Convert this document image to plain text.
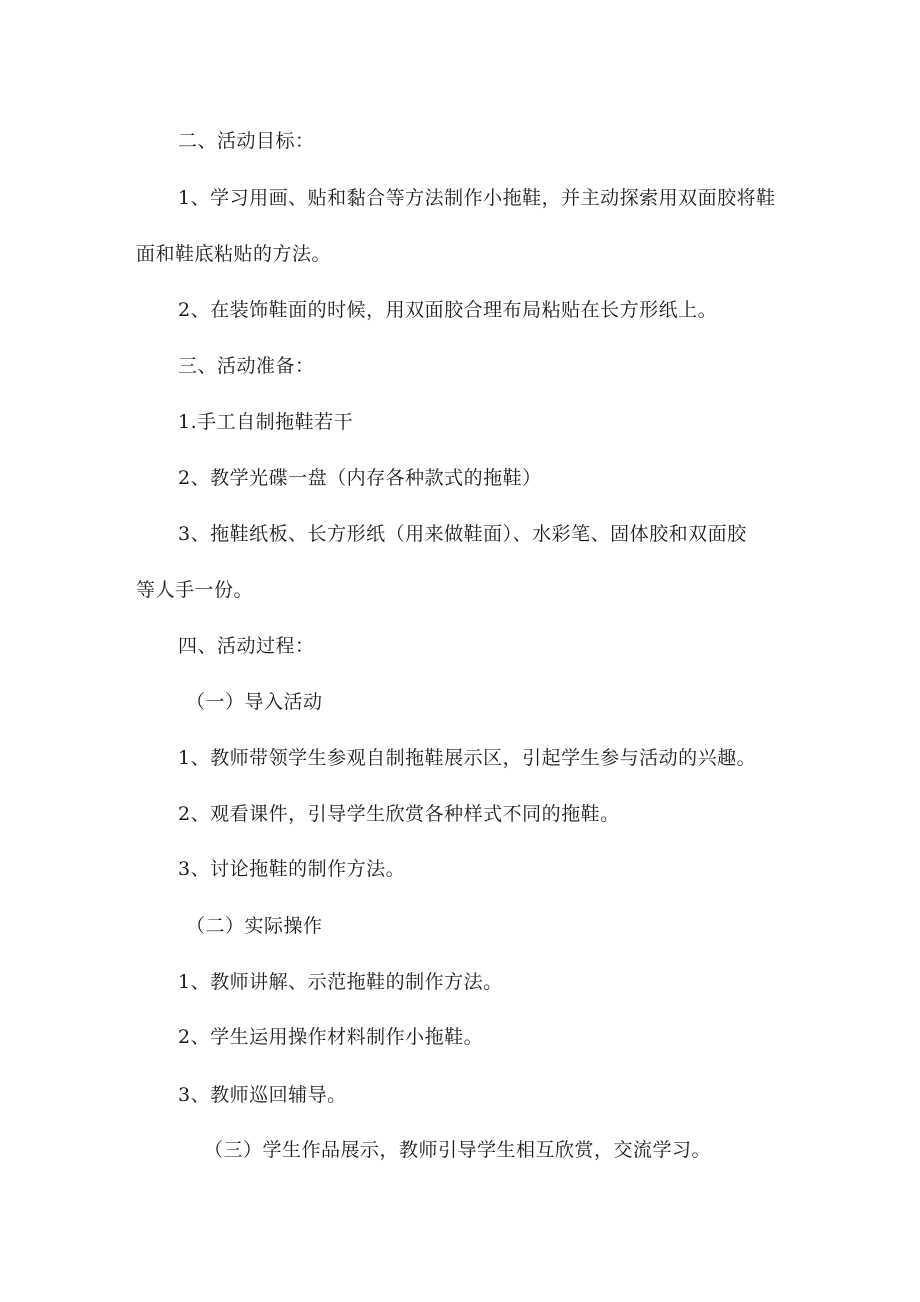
二、活动目标：
1、学习用画、贴和黏合等方法制作小拖鞋，并主动探索用双面胶将鞋
面和鞋底粘贴的方法。
2、在装饰鞋面的时候，用双面胶合理布局粘贴在长方形纸上。
三、活动准备：
1.手工自制拖鞋若干
2、教学光碟一盘（内存各种款式的拖鞋）
3、拖鞋纸板、长方形纸（用来做鞋面）、水彩笔、固体胶和双面胶
等人手一份。
四、活动过程：
（一）导入活动
1、教师带领学生参观自制拖鞋展示区，引起学生参与活动的兴趣。
2、观看课件，引导学生欣赏各种样式不同的拖鞋。
3、讨论拖鞋的制作方法。
（二）实际操作
1、教师讲解、示范拖鞋的制作方法。
2、学生运用操作材料制作小拖鞋。
3、教师巡回辅导。
（三）学生作品展示，教师引导学生相互欣赏，交流学习。
